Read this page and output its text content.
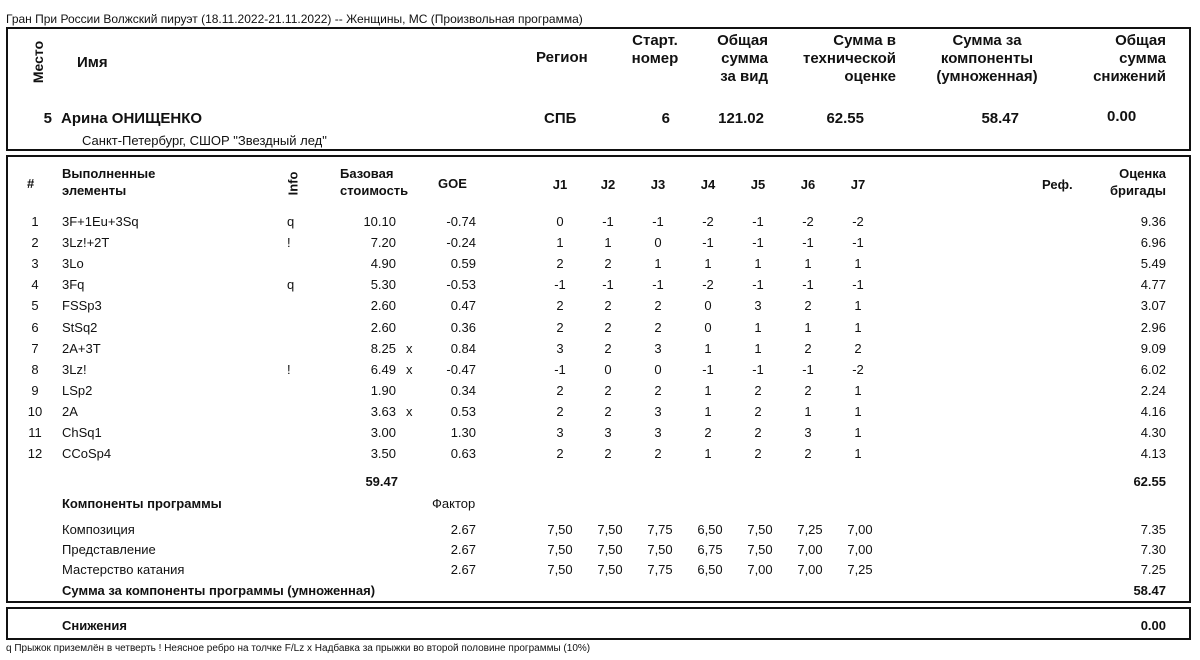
Гран При России Волжский пируэт (18.11.2022-21.11.2022) -- Женщины, МС (Произвольная программа)
Место Имя	Регион
Старт.
номер
Общая
сумма
за вид
Сумма в
технической
оценке
Сумма за
компоненты
(умноженная)
Общая
сумма
снижений
5 Арина ОНИЩЕНКО
Санкт-Петербург, СШОР "Звездный лед"
СПБ	6	121.02	62.55	58.47	0.00
#
Выполненные
элементы	Info	Базовая
стоимость GOE	J1	J2	J3	J4	J5	J6	J7	Реф.
Оценка
бригады
1	3F+1Eu+3Sq	q	10.10	-0.74	0	-1	-1	-2	-1	-2	-2	9.36
2	3Lz!+2T	!	7.20	-0.24	1	1	0	-1	-1	-1	-1	6.96
3	3Lo	4.90	0.59	2	2	1	1	1	1	1	5.49
4	3Fq	q	5.30	-0.53	-1	-1	-1	-2	-1	-1	-1	4.77
5	FSSp3	2.60	0.47	2	2	2	0	3	2	1	3.07
6	StSq2	2.60	0.36	2	2	2	0	1	1	1	2.96
7	2A+3T	8.25 x	0.84	3	2	3	1	1	2	2	9.09
8	3Lz!	!	6.49 x	-0.47	-1	0	0	-1	-1	-1	-2	6.02
9	LSp2	1.90	0.34	2	2	2	1	2	2	1	2.24
10 2A	3.63 x	0.53	2	2	3	1	2	1	1	4.16
11	ChSq1	3.00	1.30	3	3	3	2	2	3	1	4.30
12 CCoSp4	3.50	0.63	2	2	2	1	2	2	1	4.13
59.47	62.55
Компоненты программы	Фактор
Композиция	2.67	7,50	7,50	7,75	6,50	7,50	7,25	7,00	7.35
Представление	2.67	7,50	7,50	7,50	6,75	7,50	7,00	7,00	7.30
Мастерство катания	2.67	7,50	7,50	7,75	6,50	7,00	7,00	7,25	7.25
Сумма за компоненты программы (умноженная)	58.47
Снижения	0.00
q Прыжок приземлён в четверть ! Неясное ребро на толчке F/Lz x Надбавка за прыжки во второй половине программы (10%)
